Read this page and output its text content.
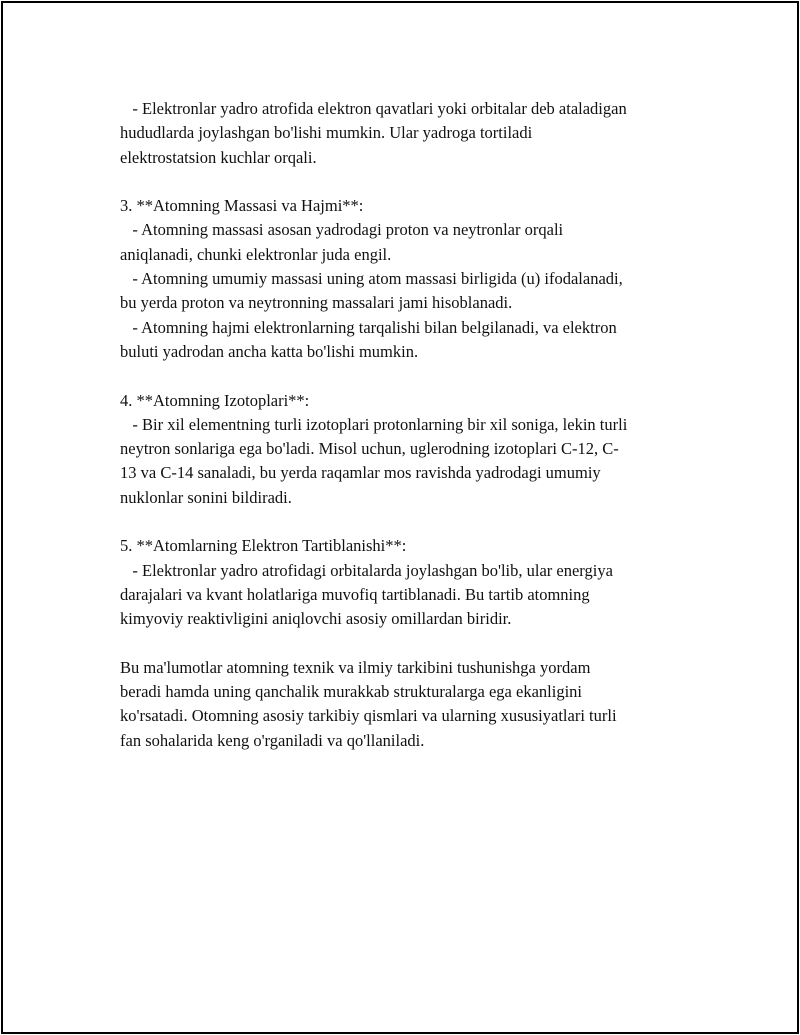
- Elektronlar yadro atrofida elektron qavatlari yoki orbitalar deb ataladigan
hududlarda joylashgan bo'lishi mumkin. Ular yadroga tortiladi
elektrostatsion kuchlar orqali.
3. **Atomning Massasi va Hajmi**:
- Atomning massasi asosan yadrodagi proton va neytronlar orqali
aniqlanadi, chunki elektronlar juda engil.
- Atomning umumiy massasi uning atom massasi birligida (u) ifodalanadi,
bu yerda proton va neytronning massalari jami hisoblanadi.
- Atomning hajmi elektronlarning tarqalishi bilan belgilanadi, va elektron
buluti yadrodan ancha katta bo'lishi mumkin.
4. **Atomning Izotoplari**:
- Bir xil elementning turli izotoplari protonlarning bir xil soniga, lekin turli
neytron sonlariga ega bo'ladi. Misol uchun, uglerodning izotoplari C-12, C-
13 va C-14 sanaladi, bu yerda raqamlar mos ravishda yadrodagi umumiy
nuklonlar sonini bildiradi.
5. **Atomlarning Elektron Tartiblanishi**:
- Elektronlar yadro atrofidagi orbitalarda joylashgan bo'lib, ular energiya
darajalari va kvant holatlariga muvofiq tartiblanadi. Bu tartib atomning
kimyoviy reaktivligini aniqlovchi asosiy omillardan biridir.
Bu ma'lumotlar atomning texnik va ilmiy tarkibini tushunishga yordam
beradi hamda uning qanchalik murakkab strukturalarga ega ekanligini
ko'rsatadi. Otomning asosiy tarkibiy qismlari va ularning xususiyatlari turli
fan sohalarida keng o'rganiladi va qo'llaniladi.
